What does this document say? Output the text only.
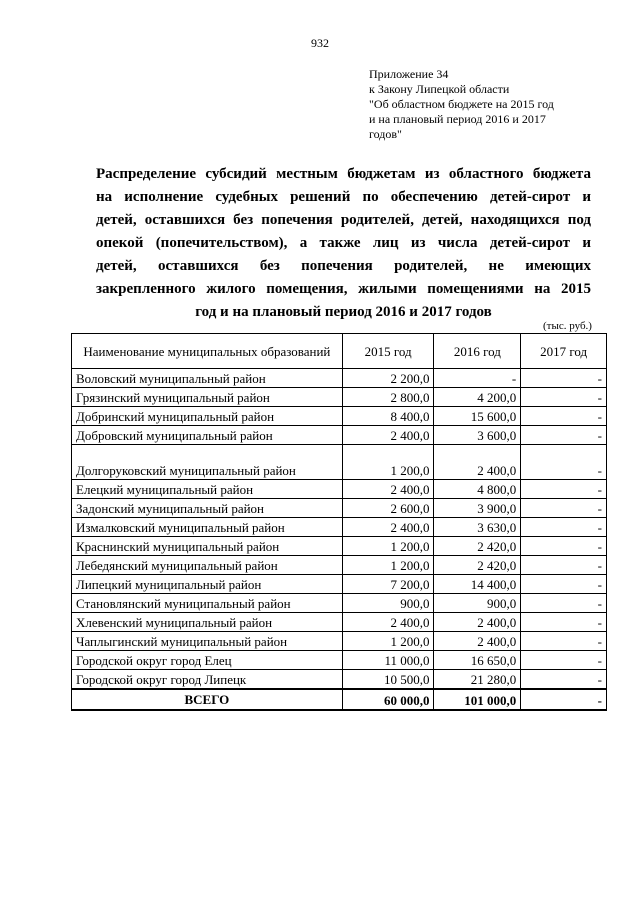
932
Приложение 34
к Закону Липецкой области
"Об областном бюджете на 2015 год
и на плановый период 2016 и 2017
годов"
Распределение субсидий местным бюджетам из областного бюджета
на исполнение судебных решений по обеспечению детей-сирот и
детей, оставшихся без попечения родителей, детей, находящихся под
опекой (попечительством), а также лиц из числа детей-сирот и
детей, оставшихся без попечения родителей, не имеющих
закрепленного жилого помещения, жилыми помещениями на 2015
год и на плановый период 2016 и 2017 годов
(тыс. руб.)
Наименование муниципальных образований	2015 год	2016 год	2017 год
Воловский муниципальный район	2 200,0	-	-
Грязинский муниципальный район	2 800,0	4 200,0	-
Добринский муниципальный район	8 400,0	15 600,0	-
Добровский муниципальный район	2 400,0	3 600,0	-
Долгоруковский муниципальный район	1 200,0	2 400,0	-
Елецкий муниципальный район	2 400,0	4 800,0	-
Задонский муниципальный район	2 600,0	3 900,0	-
Измалковский муниципальный район	2 400,0	3 630,0	-
Краснинский муниципальный район	1 200,0	2 420,0	-
Лебедянский муниципальный район	1 200,0	2 420,0	-
Липецкий муниципальный район	7 200,0	14 400,0	-
Становлянский муниципальный район	900,0	900,0	-
Хлевенский муниципальный район	2 400,0	2 400,0	-
Чаплыгинский муниципальный район	1 200,0	2 400,0	-
Городской округ город Елец	11 000,0	16 650,0	-
Городской округ город Липецк	10 500,0	21 280,0	-
ВСЕГО	60 000,0	101 000,0	-
